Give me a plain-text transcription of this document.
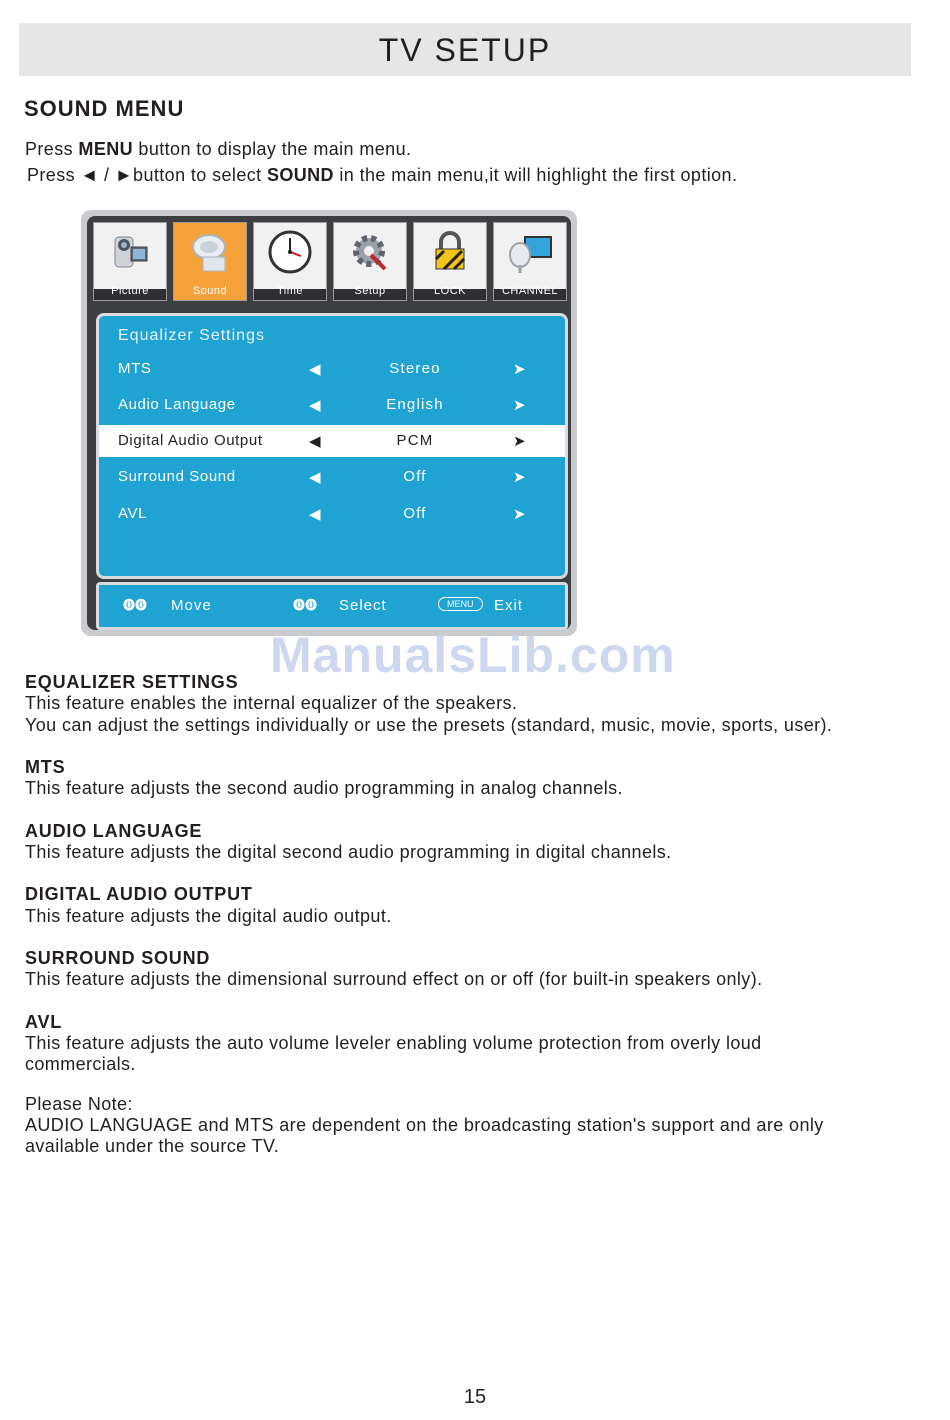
TV SETUP
SOUND MENU
Press MENU button to display the main menu.
Press ◄ / ►button to select SOUND in the main menu,it will highlight the first option.
Picture	Sound	Time	Setup	LOCK	CHANNEL
Equalizer Settings
MTS	◀	Stereo	➤
Audio Language	◀	English	➤
Digital Audio Output	◀	PCM	➤
Surround Sound	◀	Off	➤
AVL	◀	Off	➤
⓿⓿ Move	⓿⓿ Select	MENU	Exit
ManualsLib.com
EQUALIZER SETTINGS
This feature enables the internal equalizer of the speakers.
You can adjust the settings individually or use the presets (standard, music, movie, sports, user).
MTS
This feature adjusts the second audio programming in analog channels.
AUDIO LANGUAGE
This feature adjusts the digital second audio programming in digital channels.
DIGITAL AUDIO OUTPUT
This feature adjusts the digital audio output.
SURROUND SOUND
This feature adjusts the dimensional surround effect on or off (for built-in speakers only).
AVL
This feature adjusts the auto volume leveler enabling volume protection from overly loud
commercials.
Please Note:
AUDIO LANGUAGE and MTS are dependent on the broadcasting station's support and are only
available under the source TV.
15
